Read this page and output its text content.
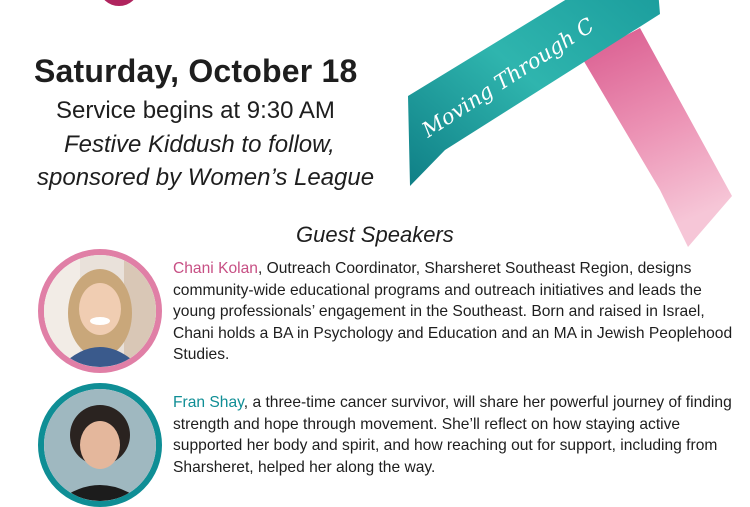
Moving Through C
Saturday, October 18
Service begins at 9:30 AM
Festive Kiddush to follow,
sponsored by Women’s League
Guest Speakers

Chani Kolan, Outreach Coordinator, Sharsheret Southeast Region, designs community-wide educational programs and outreach initiatives and leads the young professionals’ engagement in the Southeast. Born and raised in Israel, Chani holds a BA in Psychology and Education and an MA in Jewish Peoplehood Studies.

Fran Shay, a three-time cancer survivor, will share her powerful journey of finding strength and hope through movement. She’ll reflect on how staying active supported her body and spirit, and how reaching out for support, including from Sharsheret, helped her along the way.
